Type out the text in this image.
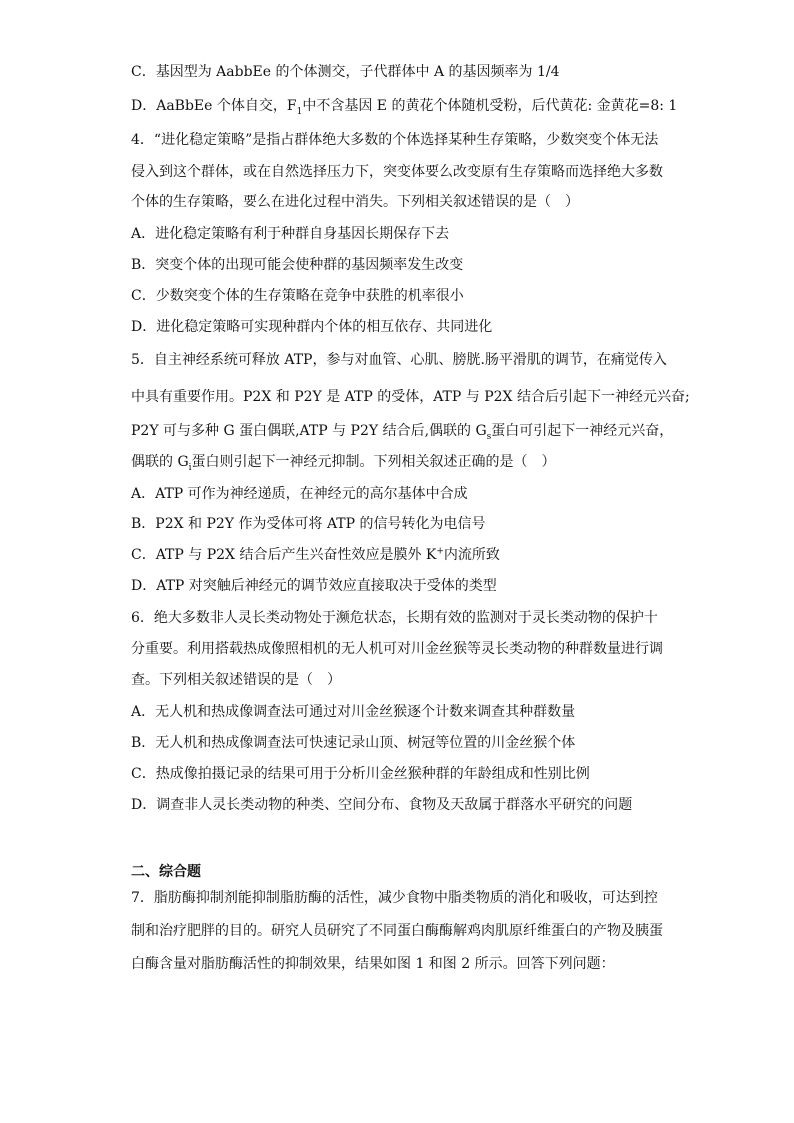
C．基因型为 AabbEe 的个体测交，子代群体中 A 的基因频率为 1/4
D．AaBbEe 个体自交，$F_1$中不含基因 E 的黄花个体随机受粉，后代黄花: 金黄花=8: 1
4．“进化稳定策略”是指占群体绝大多数的个体选择某种生存策略，少数突变个体无法
侵入到这个群体，或在自然选择压力下，突变体要么改变原有生存策略而选择绝大多数
个体的生存策略，要么在进化过程中消失。下列相关叙述错误的是（　）
A．进化稳定策略有利于种群自身基因长期保存下去
B．突变个体的出现可能会使种群的基因频率发生改变
C．少数突变个体的生存策略在竞争中获胜的机率很小
D．进化稳定策略可实现种群内个体的相互依存、共同进化
5．自主神经系统可释放 ATP，参与对血管、心肌、膀胱.肠平滑肌的调节，在痛觉传入
中具有重要作用。P2X 和 P2Y 是 ATP 的受体，ATP 与 P2X 结合后引起下一神经元兴奋;
P2Y 可与多种 G 蛋白偶联,ATP 与 P2Y 结合后,偶联的 $G_s$蛋白可引起下一神经元兴奋，
偶联的 $G_i$蛋白则引起下一神经元抑制。下列相关叙述正确的是（　）
A．ATP 可作为神经递质，在神经元的高尔基体中合成
B．P2X 和 P2Y 作为受体可将 ATP 的信号转化为电信号
C．ATP 与 P2X 结合后产生兴奋性效应是膜外 K+内流所致
D．ATP 对突触后神经元的调节效应直接取决于受体的类型
6．绝大多数非人灵长类动物处于濒危状态，长期有效的监测对于灵长类动物的保护十
分重要。利用搭载热成像照相机的无人机可对川金丝猴等灵长类动物的种群数量进行调
查。下列相关叙述错误的是（　）
A．无人机和热成像调查法可通过对川金丝猴逐个计数来调查其种群数量
B．无人机和热成像调查法可快速记录山顶、树冠等位置的川金丝猴个体
C．热成像拍摄记录的结果可用于分析川金丝猴种群的年龄组成和性别比例
D．调查非人灵长类动物的种类、空间分布、食物及天敌属于群落水平研究的问题
二、综合题
7．脂肪酶抑制剂能抑制脂肪酶的活性，减少食物中脂类物质的消化和吸收，可达到控
制和治疗肥胖的目的。研究人员研究了不同蛋白酶酶解鸡肉肌原纤维蛋白的产物及胰蛋
白酶含量对脂肪酶活性的抑制效果，结果如图 1 和图 2 所示。回答下列问题：
